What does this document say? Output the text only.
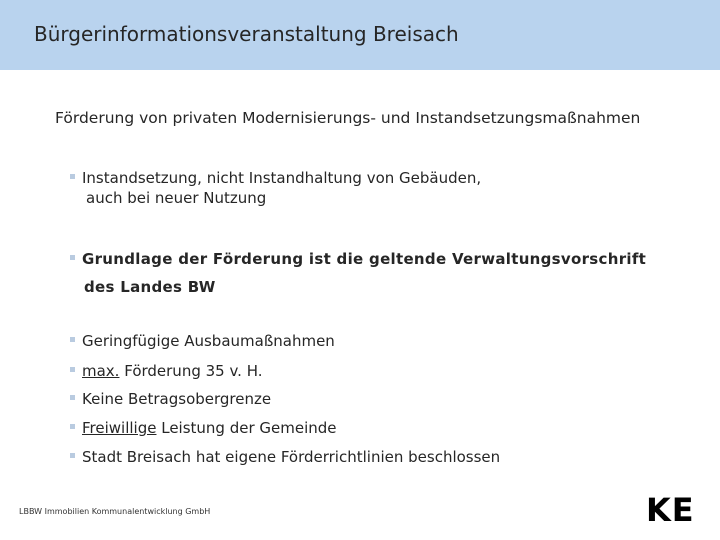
Bürgerinformationsveranstaltung Breisach
Förderung von privaten Modernisierungs- und Instandsetzungsmaßnahmen
Instandsetzung, nicht Instandhaltung von Gebäuden,
auch bei neuer Nutzung
Grundlage der Förderung ist die geltende Verwaltungsvorschrift
des Landes BW
Geringfügige Ausbaumaßnahmen
max. Förderung 35 v. H.
Keine Betragsobergrenze
Freiwillige Leistung der Gemeinde
Stadt Breisach hat eigene Förderrichtlinien beschlossen
LBBW Immobilien Kommunalentwicklung GmbH	KE
